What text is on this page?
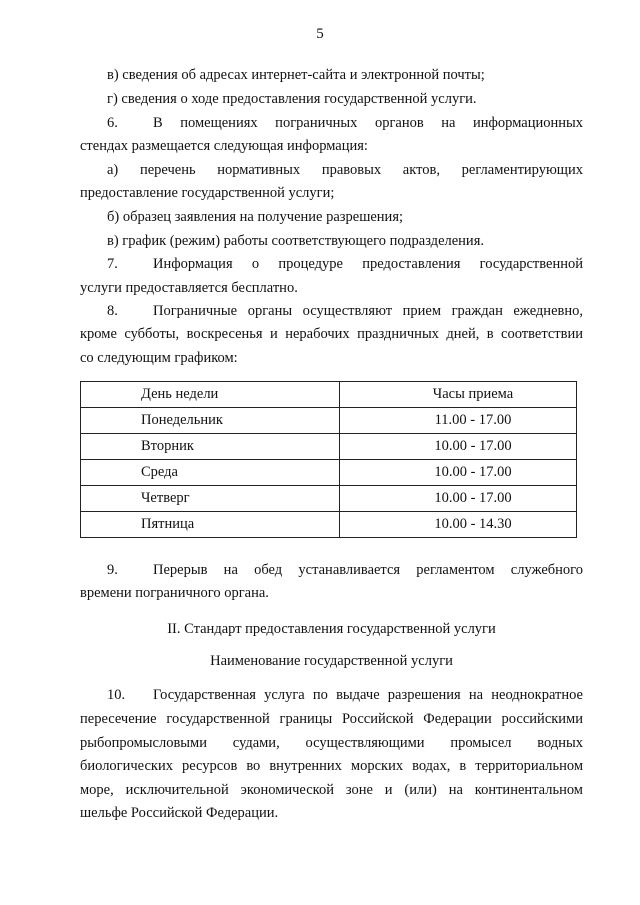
5
в) сведения об адресах интернет-сайта и электронной почты;
г) сведения о ходе предоставления государственной услуги.
6. В помещениях пограничных органов на информационных
стендах размещается следующая информация:
а) перечень нормативных правовых актов, регламентирующих
предоставление государственной услуги;
б) образец заявления на получение разрешения;
в) график (режим) работы соответствующего подразделения.
7. Информация о процедуре предоставления государственной
услуги предоставляется бесплатно.
8. Пограничные органы осуществляют прием граждан ежедневно,
кроме субботы, воскресенья и нерабочих праздничных дней, в соответствии
со следующим графиком:
День недели	Часы приема
Понедельник	11.00 - 17.00
Вторник	10.00 - 17.00
Среда	10.00 - 17.00
Четверг	10.00 - 17.00
Пятница	10.00 - 14.30
9. Перерыв на обед устанавливается регламентом служебного
времени пограничного органа.
II. Стандарт предоставления государственной услуги
Наименование государственной услуги
10. Государственная услуга по выдаче разрешения на неоднократное
пересечение государственной границы Российской Федерации российскими
рыбопромысловыми судами, осуществляющими промысел водных
биологических ресурсов во внутренних морских водах, в территориальном
море, исключительной экономической зоне и (или) на континентальном
шельфе Российской Федерации.
